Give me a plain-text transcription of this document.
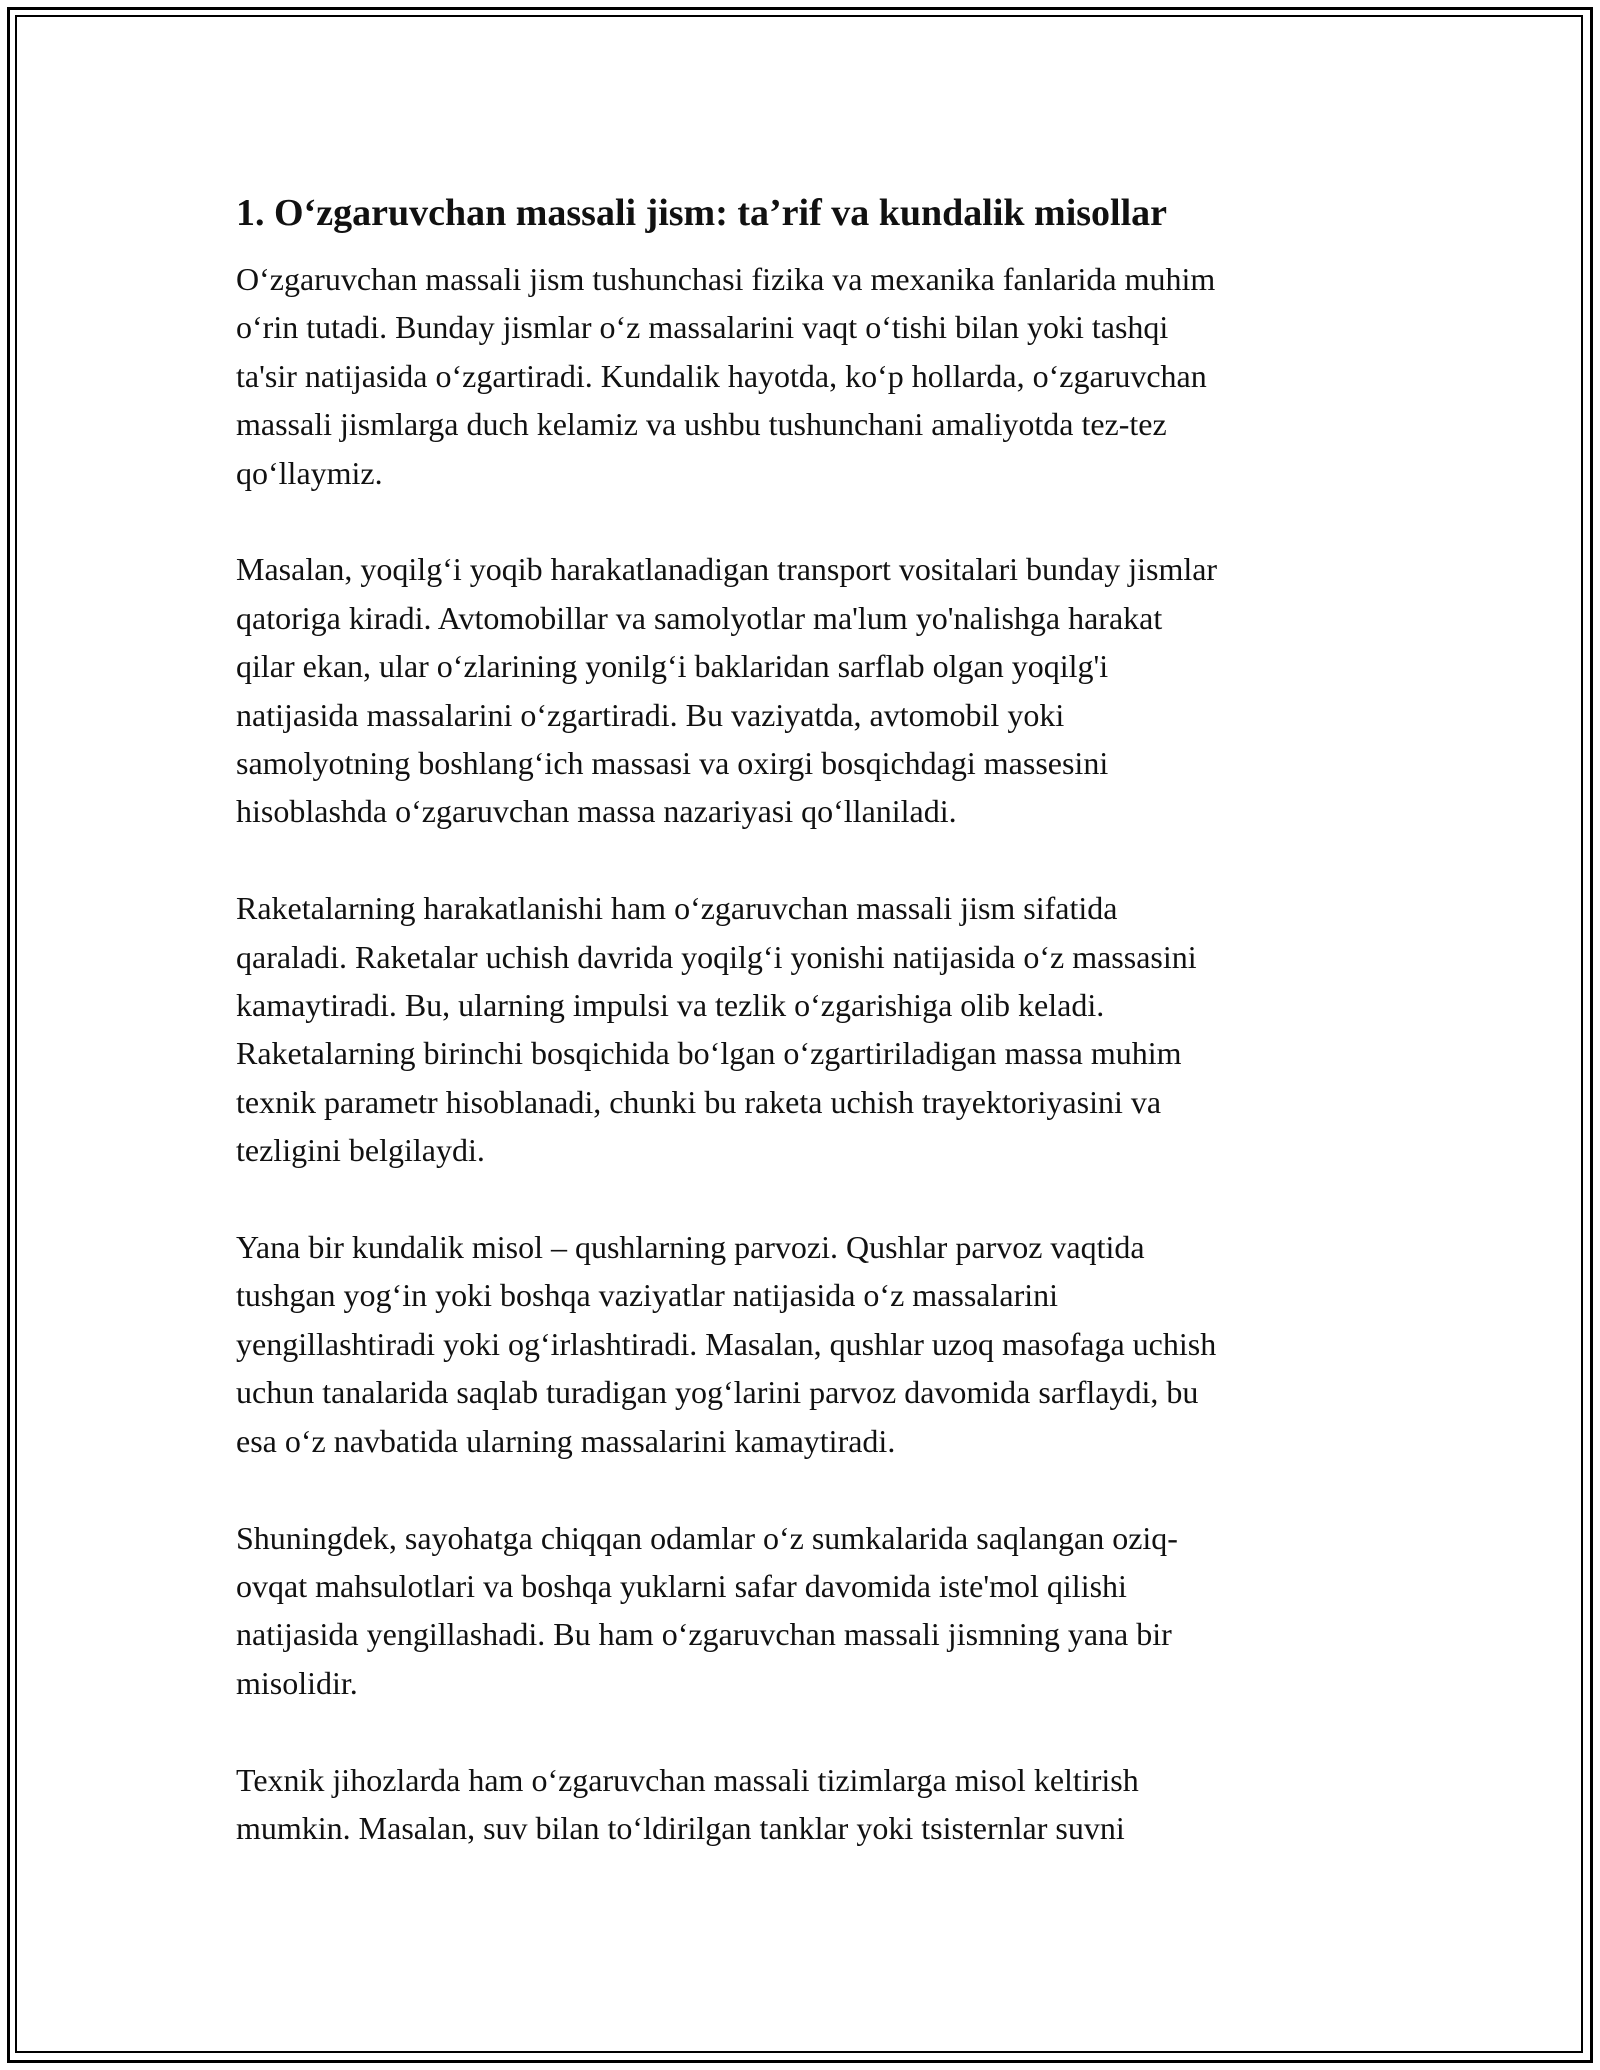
1. O‘zgaruvchan massali jism: ta’rif va kundalik misollar

O‘zgaruvchan massali jism tushunchasi fizika va mexanika fanlarida muhim
o‘rin tutadi. Bunday jismlar o‘z massalarini vaqt o‘tishi bilan yoki tashqi
ta'sir natijasida o‘zgartiradi. Kundalik hayotda, ko‘p hollarda, o‘zgaruvchan
massali jismlarga duch kelamiz va ushbu tushunchani amaliyotda tez-tez
qo‘llaymiz.

Masalan, yoqilg‘i yoqib harakatlanadigan transport vositalari bunday jismlar
qatoriga kiradi. Avtomobillar va samolyotlar ma'lum yo'nalishga harakat
qilar ekan, ular o‘zlarining yonilg‘i baklaridan sarflab olgan yoqilg'i
natijasida massalarini o‘zgartiradi. Bu vaziyatda, avtomobil yoki
samolyotning boshlang‘ich massasi va oxirgi bosqichdagi massesini
hisoblashda o‘zgaruvchan massa nazariyasi qo‘llaniladi.

Raketalarning harakatlanishi ham o‘zgaruvchan massali jism sifatida
qaraladi. Raketalar uchish davrida yoqilg‘i yonishi natijasida o‘z massasini
kamaytiradi. Bu, ularning impulsi va tezlik o‘zgarishiga olib keladi.
Raketalarning birinchi bosqichida bo‘lgan o‘zgartiriladigan massa muhim
texnik parametr hisoblanadi, chunki bu raketa uchish trayektoriyasini va
tezligini belgilaydi.

Yana bir kundalik misol – qushlarning parvozi. Qushlar parvoz vaqtida
tushgan yog‘in yoki boshqa vaziyatlar natijasida o‘z massalarini
yengillashtiradi yoki og‘irlashtiradi. Masalan, qushlar uzoq masofaga uchish
uchun tanalarida saqlab turadigan yog‘larini parvoz davomida sarflaydi, bu
esa o‘z navbatida ularning massalarini kamaytiradi.

Shuningdek, sayohatga chiqqan odamlar o‘z sumkalarida saqlangan oziq-
ovqat mahsulotlari va boshqa yuklarni safar davomida iste'mol qilishi
natijasida yengillashadi. Bu ham o‘zgaruvchan massali jismning yana bir
misolidir.

Texnik jihozlarda ham o‘zgaruvchan massali tizimlarga misol keltirish
mumkin. Masalan, suv bilan to‘ldirilgan tanklar yoki tsisternlar suvni
